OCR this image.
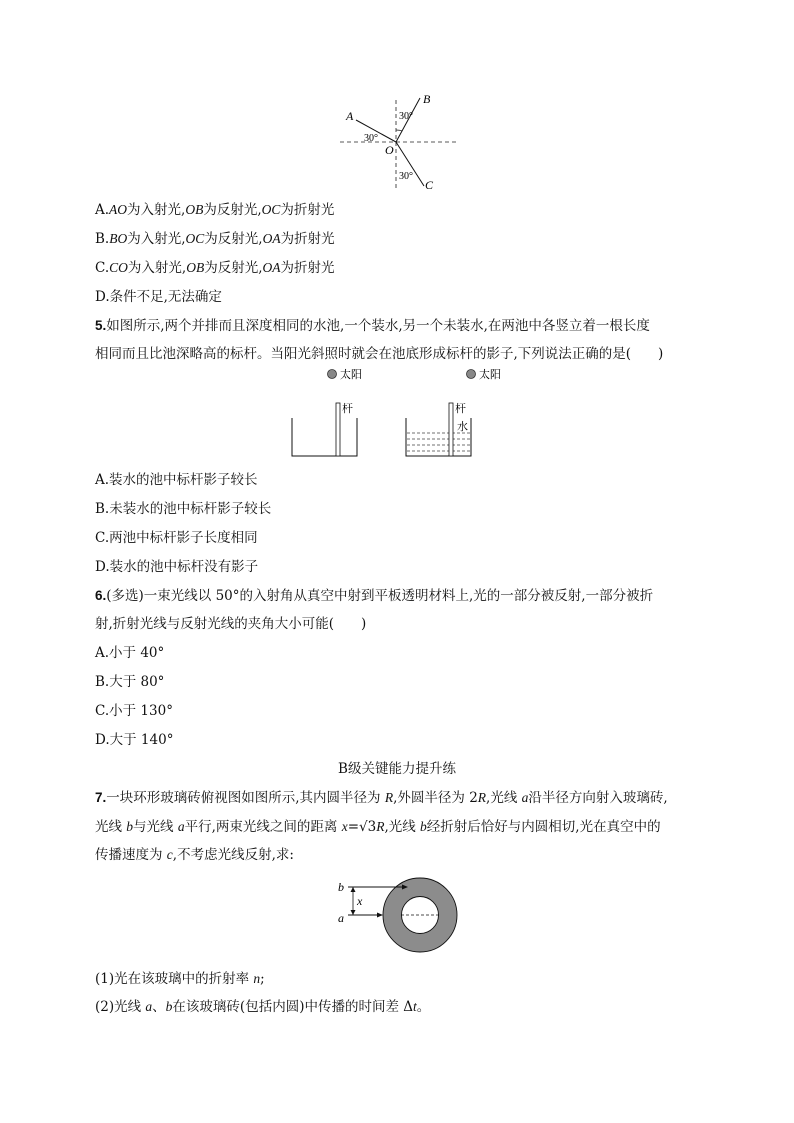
A
B
C
O
30°
30°
30°
A.AO为入射光,OB为反射光,OC为折射光
B.BO为入射光,OC为反射光,OA为折射光
C.CO为入射光,OB为反射光,OA为折射光
D.条件不足,无法确定
5.如图所示,两个并排而且深度相同的水池,一个装水,另一个未装水,在两池中各竖立着一根长度
相同而且比池深略高的标杆。当阳光斜照时就会在池底形成标杆的影子,下列说法正确的是(　　)
太阳	太阳
杆	杆
水
A.装水的池中标杆影子较长
B.未装水的池中标杆影子较长
C.两池中标杆影子长度相同
D.装水的池中标杆没有影子
6.(多选)一束光线以 50°的入射角从真空中射到平板透明材料上,光的一部分被反射,一部分被折
射,折射光线与反射光线的夹角大小可能(　　)
A.小于 40°
B.大于 80°
C.小于 130°
D.大于 140°
B级关键能力提升练
7.一块环形玻璃砖俯视图如图所示,其内圆半径为 R,外圆半径为 2R,光线 a沿半径方向射入玻璃砖,
光线 b与光线 a平行,两束光线之间的距离 x=√3R,光线 b经折射后恰好与内圆相切,光在真空中的
传播速度为 c,不考虑光线反射,求:
b
a
x
(1)光在该玻璃中的折射率 n;
(2)光线 a、b在该玻璃砖(包括内圆)中传播的时间差 Δt。
